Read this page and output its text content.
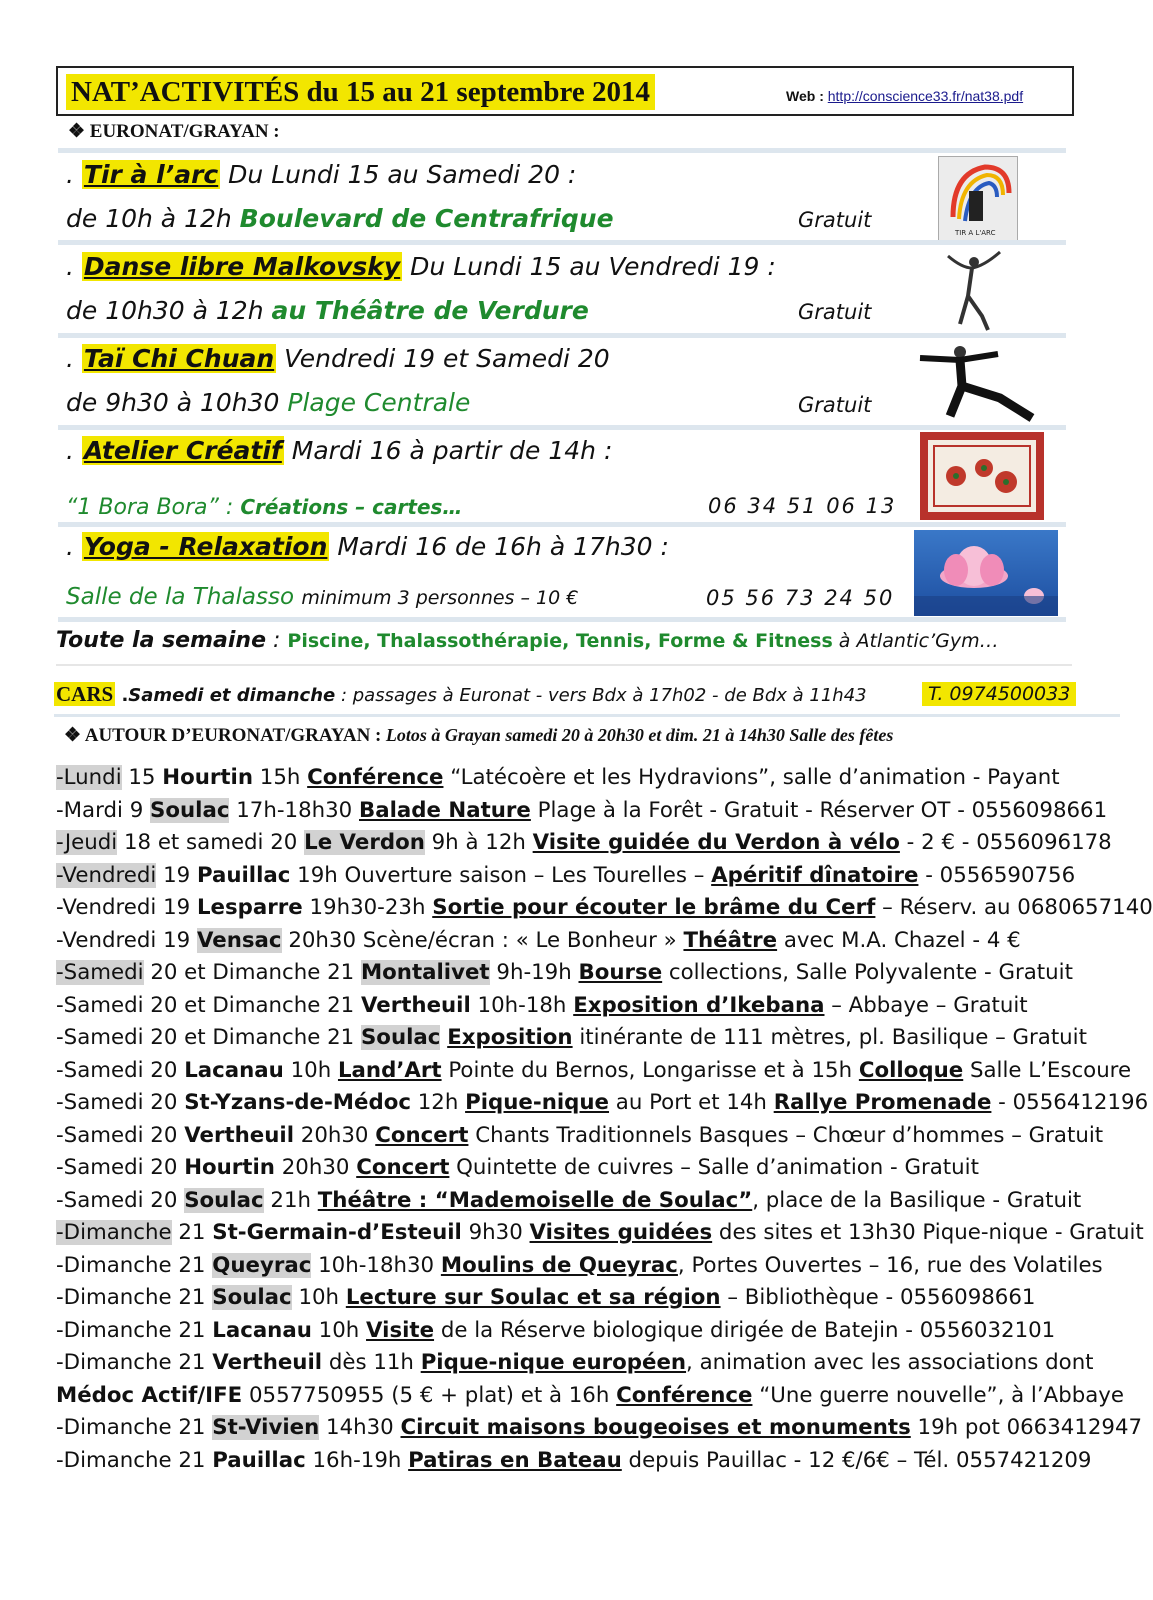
NAT’ACTIVITÉS du 15 au 21 septembre 2014	Web : http://conscience33.fr/nat38.pdf
❖ EURONAT/GRAYAN :
. Tir à l’arc Du Lundi 15 au Samedi 20 :
de 10h à 12h Boulevard de Centrafrique	Gratuit
TIR A L'ARC
. Danse libre Malkovsky Du Lundi 15 au Vendredi 19 :
de 10h30 à 12h au Théâtre de Verdure	Gratuit
. Taï Chi Chuan Vendredi 19 et Samedi 20
de 9h30 à 10h30 Plage Centrale	Gratuit
. Atelier Créatif Mardi 16 à partir de 14h :
“1 Bora Bora” : Créations – cartes…	06 34 51 06 13
. Yoga - Relaxation Mardi 16 de 16h à 17h30 :
Salle de la Thalasso minimum 3 personnes – 10 €	05 56 73 24 50
Toute la semaine : Piscine, Thalassothérapie, Tennis, Forme & Fitness à Atlantic’Gym…
CARS .Samedi et dimanche : passages à Euronat - vers Bdx à 17h02 - de Bdx à 11h43	T. 0974500033
❖ AUTOUR D’EURONAT/GRAYAN : Lotos à Grayan samedi 20 à 20h30 et dim. 21 à 14h30 Salle des fêtes
-Lundi 15 Hourtin 15h Conférence “Latécoère et les Hydravions”, salle d’animation - Payant
-Mardi 9 Soulac 17h-18h30 Balade Nature Plage à la Forêt - Gratuit - Réserver OT - 0556098661
-Jeudi 18 et samedi 20 Le Verdon 9h à 12h Visite guidée du Verdon à vélo - 2 € - 0556096178
-Vendredi 19 Pauillac 19h Ouverture saison – Les Tourelles – Apéritif dînatoire - 0556590756
-Vendredi 19 Lesparre 19h30-23h Sortie pour écouter le brâme du Cerf – Réserv. au 0680657140
-Vendredi 19 Vensac 20h30 Scène/écran : « Le Bonheur » Théâtre avec M.A. Chazel - 4 €
-Samedi 20 et Dimanche 21 Montalivet 9h-19h Bourse collections, Salle Polyvalente - Gratuit
-Samedi 20 et Dimanche 21 Vertheuil 10h-18h Exposition d’Ikebana – Abbaye – Gratuit
-Samedi 20 et Dimanche 21 Soulac Exposition itinérante de 111 mètres, pl. Basilique – Gratuit
-Samedi 20 Lacanau 10h Land’Art Pointe du Bernos, Longarisse et à 15h Colloque Salle L’Escoure
-Samedi 20 St-Yzans-de-Médoc 12h Pique-nique au Port et 14h Rallye Promenade - 0556412196
-Samedi 20 Vertheuil 20h30 Concert Chants Traditionnels Basques – Chœur d’hommes – Gratuit
-Samedi 20 Hourtin 20h30 Concert Quintette de cuivres – Salle d’animation - Gratuit
-Samedi 20 Soulac 21h Théâtre : “Mademoiselle de Soulac”, place de la Basilique - Gratuit
-Dimanche 21 St-Germain-d’Esteuil 9h30 Visites guidées des sites et 13h30 Pique-nique - Gratuit
-Dimanche 21 Queyrac 10h-18h30 Moulins de Queyrac, Portes Ouvertes – 16, rue des Volatiles
-Dimanche 21 Soulac 10h Lecture sur Soulac et sa région – Bibliothèque - 0556098661
-Dimanche 21 Lacanau 10h Visite de la Réserve biologique dirigée de Batejin - 0556032101
-Dimanche 21 Vertheuil dès 11h Pique-nique européen, animation avec les associations dont
Médoc Actif/IFE 0557750955 (5 € + plat) et à 16h Conférence “Une guerre nouvelle”, à l’Abbaye
-Dimanche 21 St-Vivien 14h30 Circuit maisons bougeoises et monuments 19h pot 0663412947
-Dimanche 21 Pauillac 16h-19h Patiras en Bateau depuis Pauillac - 12 €/6€ – Tél. 0557421209
